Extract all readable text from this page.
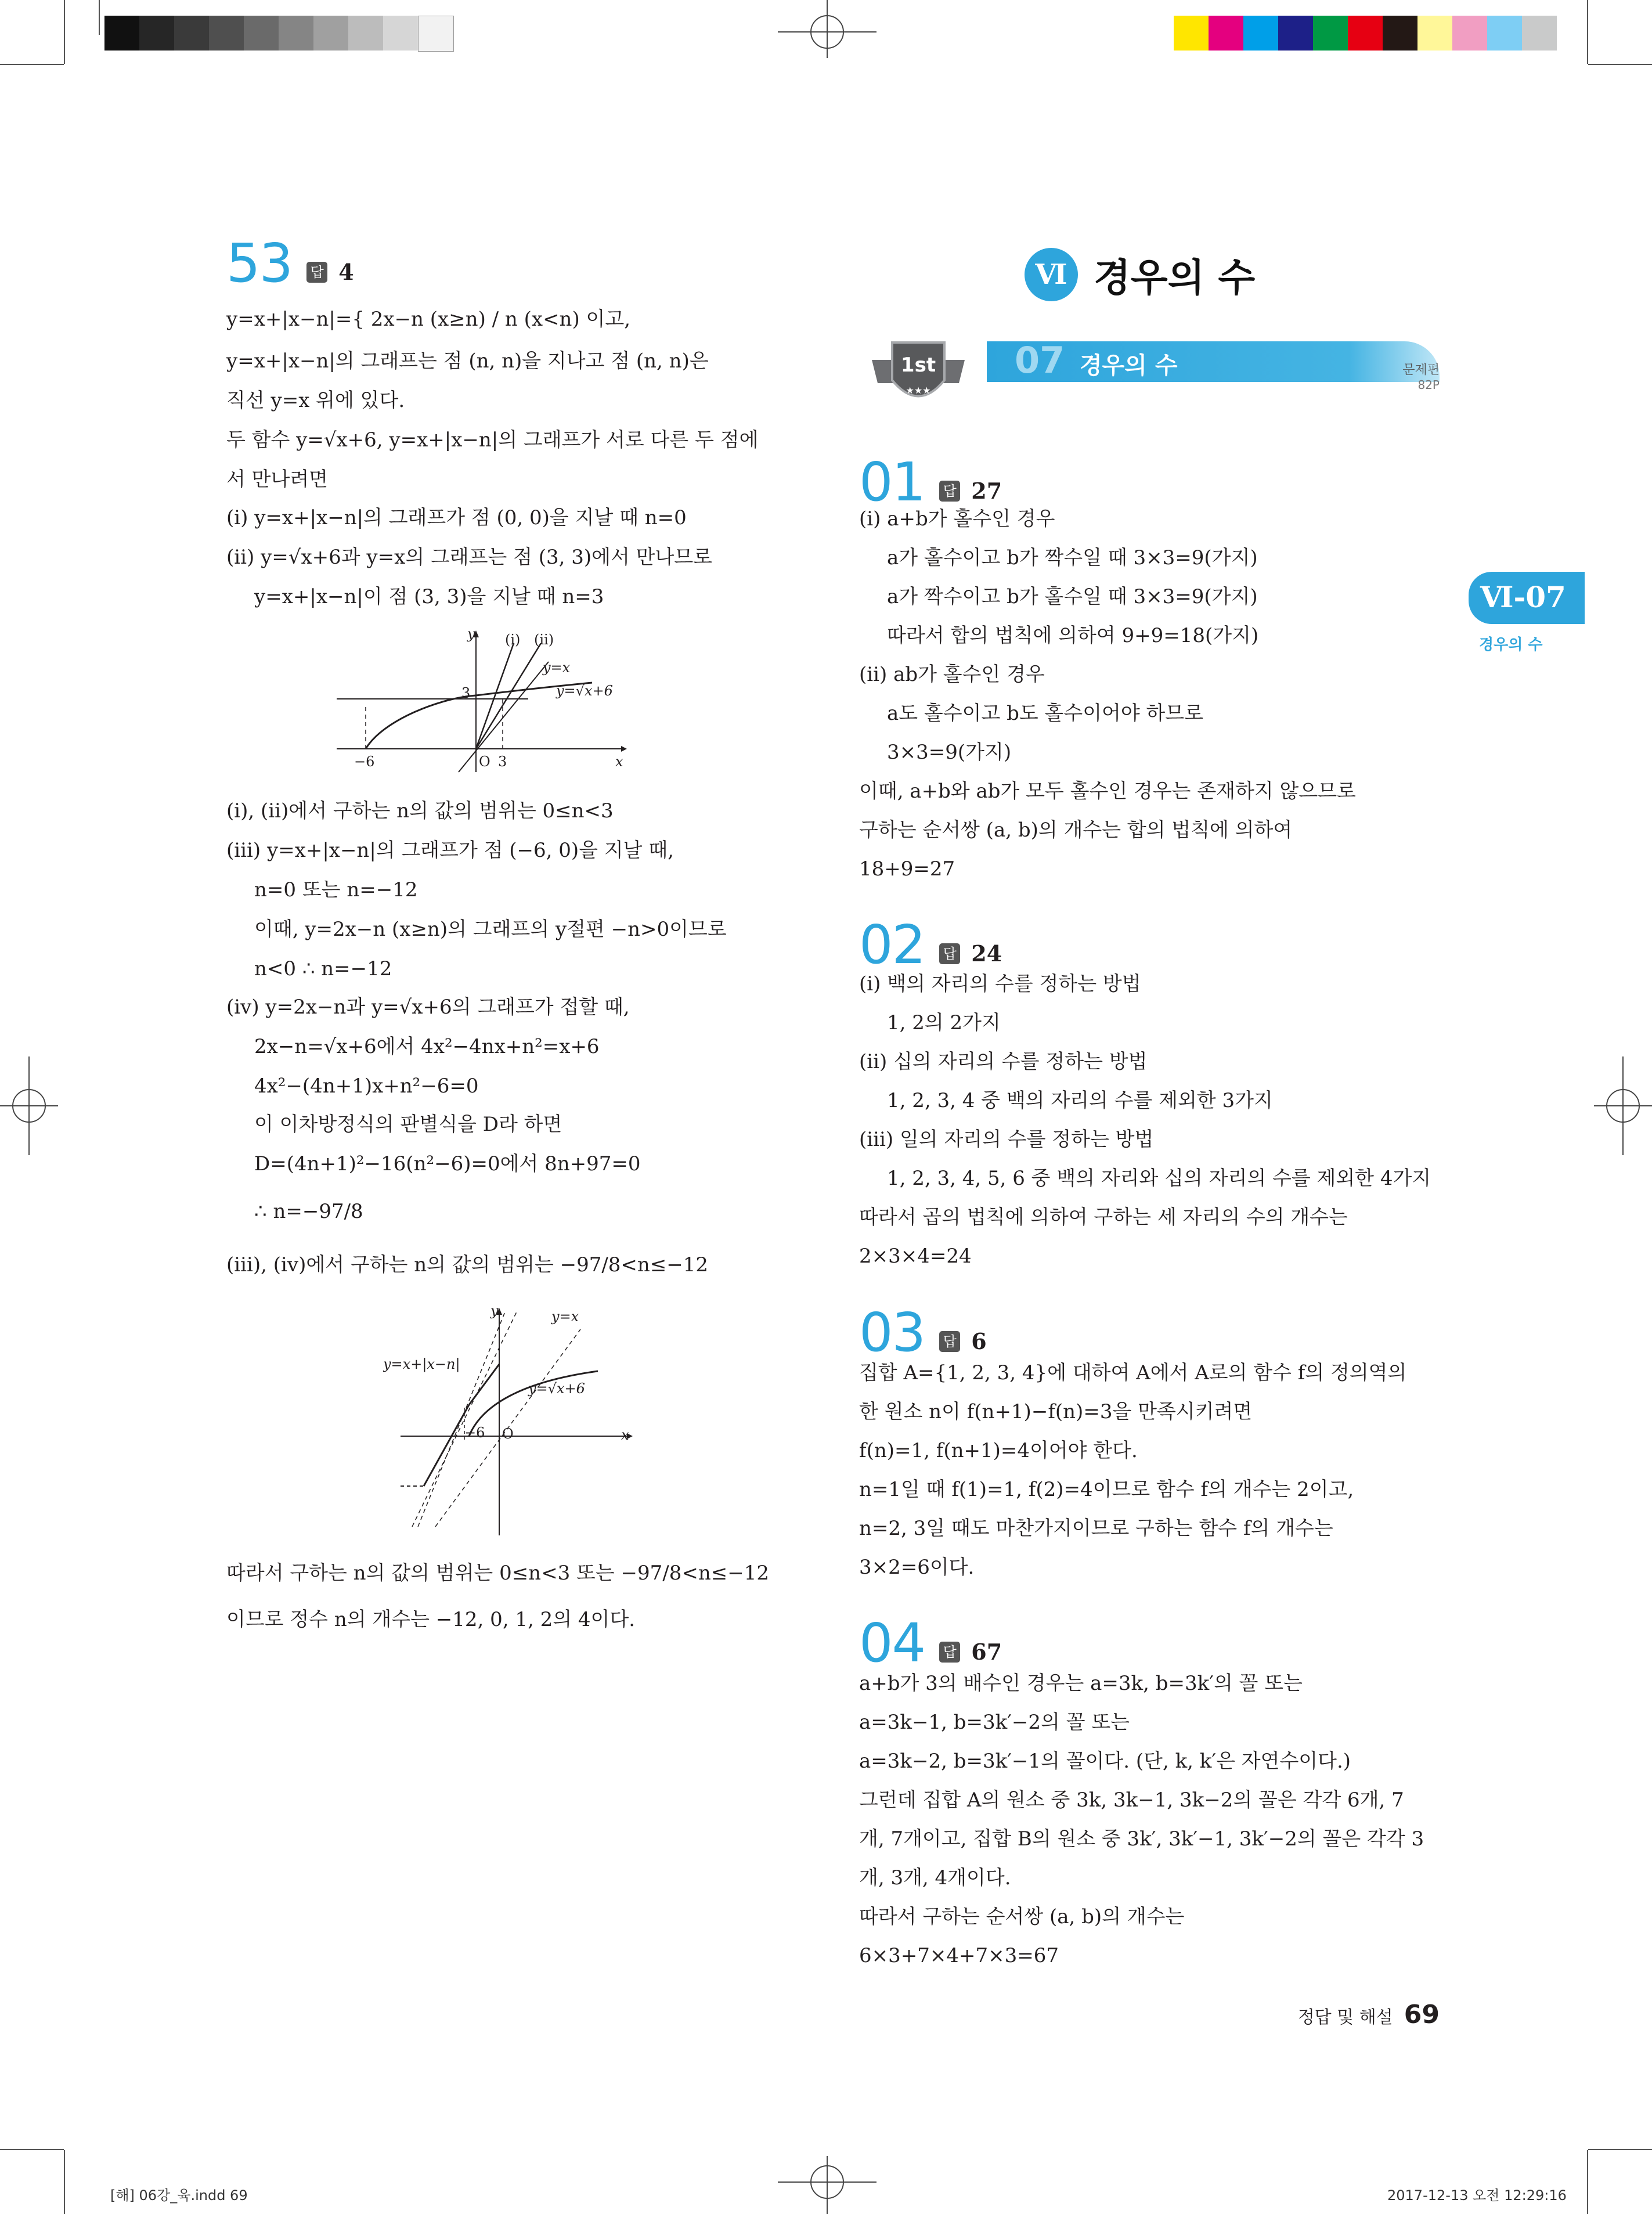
53 답 4
y=x+|x−n|={ 2x−n (x≥n) / n (x<n) 이고,
y=x+|x−n|의 그래프는 점 (n, n)을 지나고 점 (n, n)은
직선 y=x 위에 있다.
두 함수 y=√x+6, y=x+|x−n|의 그래프가 서로 다른 두 점에
서 만나려면
(ⅰ) y=x+|x−n|의 그래프가 점 (0, 0)을 지날 때 n=0
(ⅱ) y=√x+6과 y=x의 그래프는 점 (3, 3)에서 만나므로
y=x+|x−n|이 점 (3, 3)을 지날 때 n=3
y
x
(ⅰ) (ⅱ)
y=x
y=√x+6
−6	O 3
3
(ⅰ), (ⅱ)에서 구하는 n의 값의 범위는 0≤n<3
(ⅲ) y=x+|x−n|의 그래프가 점 (−6, 0)을 지날 때,
n=0 또는 n=−12
이때, y=2x−n (x≥n)의 그래프의 y절편 −n>0이므로
n<0 ∴ n=−12
(ⅳ) y=2x−n과 y=√x+6의 그래프가 접할 때,
2x−n=√x+6에서 4x²−4nx+n²=x+6
4x²−(4n+1)x+n²−6=0
이 이차방정식의 판별식을 D라 하면
D=(4n+1)²−16(n²−6)=0에서 8n+97=0
∴ n=−97/8
(ⅲ), (ⅳ)에서 구하는 n의 값의 범위는 −97/8<n≤−12
y
x
y=x
y=x+|x−n|
y=√x+6
−6 O
따라서 구하는 n의 값의 범위는 0≤n<3 또는 −97/8<n≤−12
이므로 정수 n의 개수는 −12, 0, 1, 2의 4이다.
Ⅵ 경우의 수
07 경우의 수
1st
★★★
문제편
82P
01 답 27
(ⅰ) a+b가 홀수인 경우
a가 홀수이고 b가 짝수일 때 3×3=9(가지)
a가 짝수이고 b가 홀수일 때 3×3=9(가지)
따라서 합의 법칙에 의하여 9+9=18(가지)
(ⅱ) ab가 홀수인 경우
a도 홀수이고 b도 홀수이어야 하므로
3×3=9(가지)
이때, a+b와 ab가 모두 홀수인 경우는 존재하지 않으므로
구하는 순서쌍 (a, b)의 개수는 합의 법칙에 의하여
18+9=27
02 답 24
(ⅰ) 백의 자리의 수를 정하는 방법
1, 2의 2가지
(ⅱ) 십의 자리의 수를 정하는 방법
1, 2, 3, 4 중 백의 자리의 수를 제외한 3가지
(ⅲ) 일의 자리의 수를 정하는 방법
1, 2, 3, 4, 5, 6 중 백의 자리와 십의 자리의 수를 제외한 4가지
따라서 곱의 법칙에 의하여 구하는 세 자리의 수의 개수는
2×3×4=24
03 답 6
집합 A={1, 2, 3, 4}에 대하여 A에서 A로의 함수 f의 정의역의
한 원소 n이 f(n+1)−f(n)=3을 만족시키려면
f(n)=1, f(n+1)=4이어야 한다.
n=1일 때 f(1)=1, f(2)=4이므로 함수 f의 개수는 2이고,
n=2, 3일 때도 마찬가지이므로 구하는 함수 f의 개수는
3×2=6이다.
04 답 67
a+b가 3의 배수인 경우는 a=3k, b=3k′의 꼴 또는
a=3k−1, b=3k′−2의 꼴 또는
a=3k−2, b=3k′−1의 꼴이다. (단, k, k′은 자연수이다.)
그런데 집합 A의 원소 중 3k, 3k−1, 3k−2의 꼴은 각각 6개, 7
개, 7개이고, 집합 B의 원소 중 3k′, 3k′−1, 3k′−2의 꼴은 각각 3
개, 3개, 4개이다.
따라서 구하는 순서쌍 (a, b)의 개수는
6×3+7×4+7×3=67
정답 및 해설 69
Ⅵ-07
경우의 수
[해] 06강_육.indd 69	2017-12-13 오전 12:29:16
